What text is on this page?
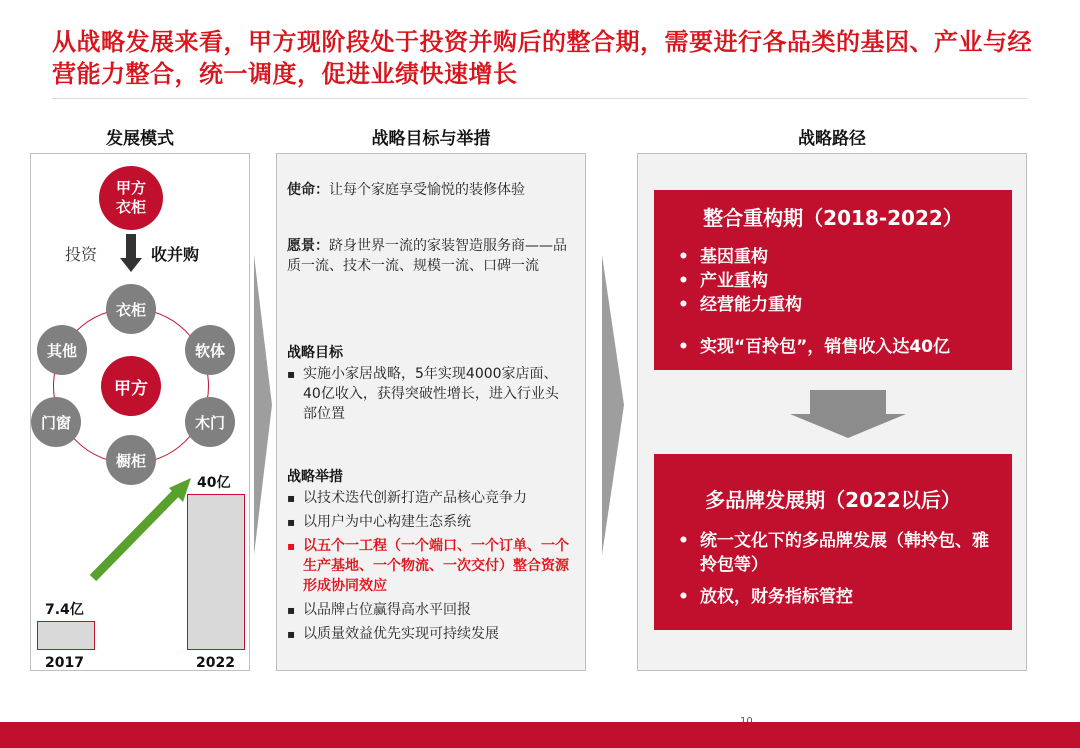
从战略发展来看，甲方现阶段处于投资并购后的整合期，需要进行各品类的基因、产业与经营能力整合，统一调度，促进业绩快速增长
发展模式	战略目标与举措	战略路径
甲方衣柜
投资	收并购
甲方
衣柜
软体
木门
橱柜
门窗
其他
7.4亿
40亿
2017	2022
使命：让每个家庭享受愉悦的装修体验
愿景：跻身世界一流的家装智造服务商——品质一流、技术一流、规模一流、口碑一流
战略目标
▪ 实施小家居战略，5年实现4000家店面、40亿收入，获得突破性增长，进入行业头部位置
战略举措
▪ 以技术迭代创新打造产品核心竞争力
▪ 以用户为中心构建生态系统
▪ 以五个一工程（一个端口、一个订单、一个生产基地、一个物流、一次交付）整合资源形成协同效应
▪ 以品牌占位赢得高水平回报
▪ 以质量效益优先实现可持续发展
整合重构期（2018-2022）
• 基因重构
• 产业重构
• 经营能力重构
• 实现“百拎包”，销售收入达40亿
多品牌发展期（2022以后）
• 统一文化下的多品牌发展（韩拎包、雅拎包等）
• 放权，财务指标管控
